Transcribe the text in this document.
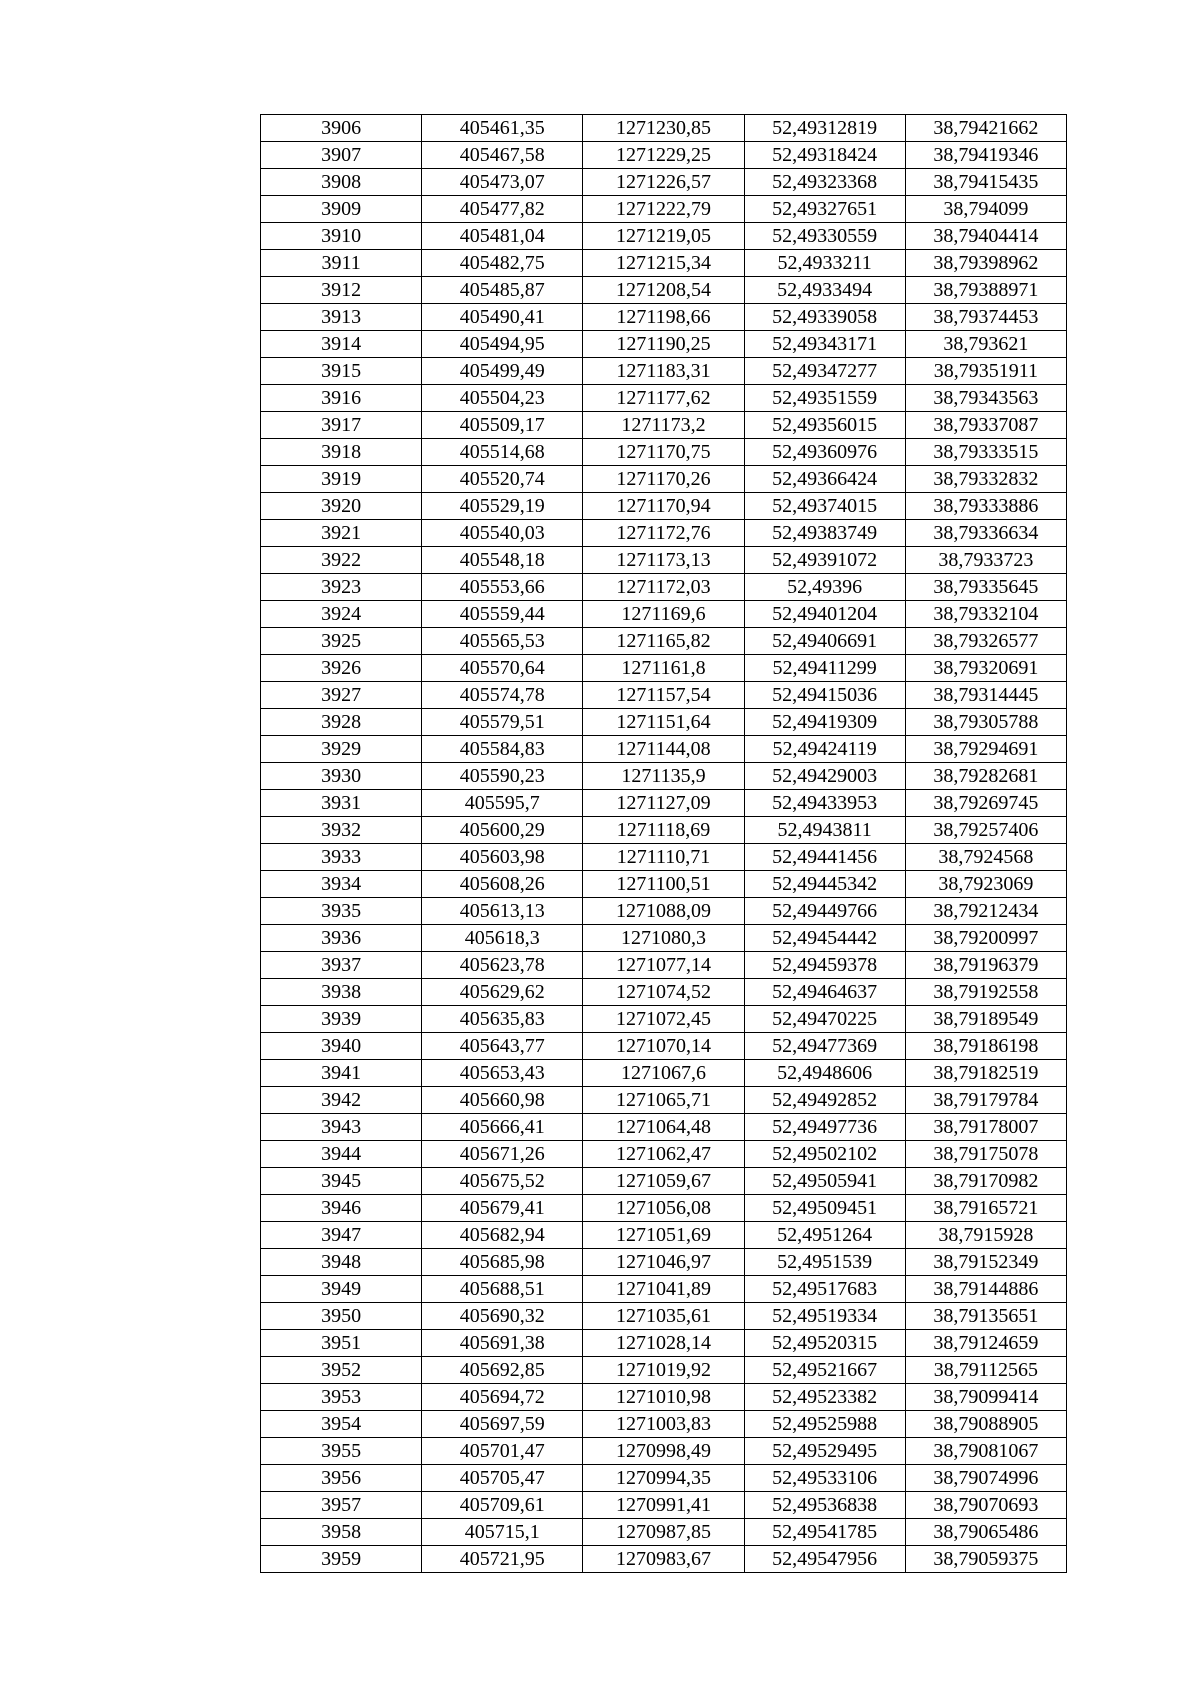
3906	405461,35	1271230,85	52,49312819	38,79421662
3907	405467,58	1271229,25	52,49318424	38,79419346
3908	405473,07	1271226,57	52,49323368	38,79415435
3909	405477,82	1271222,79	52,49327651	38,794099
3910	405481,04	1271219,05	52,49330559	38,79404414
3911	405482,75	1271215,34	52,4933211	38,79398962
3912	405485,87	1271208,54	52,4933494	38,79388971
3913	405490,41	1271198,66	52,49339058	38,79374453
3914	405494,95	1271190,25	52,49343171	38,793621
3915	405499,49	1271183,31	52,49347277	38,79351911
3916	405504,23	1271177,62	52,49351559	38,79343563
3917	405509,17	1271173,2	52,49356015	38,79337087
3918	405514,68	1271170,75	52,49360976	38,79333515
3919	405520,74	1271170,26	52,49366424	38,79332832
3920	405529,19	1271170,94	52,49374015	38,79333886
3921	405540,03	1271172,76	52,49383749	38,79336634
3922	405548,18	1271173,13	52,49391072	38,7933723
3923	405553,66	1271172,03	52,49396	38,79335645
3924	405559,44	1271169,6	52,49401204	38,79332104
3925	405565,53	1271165,82	52,49406691	38,79326577
3926	405570,64	1271161,8	52,49411299	38,79320691
3927	405574,78	1271157,54	52,49415036	38,79314445
3928	405579,51	1271151,64	52,49419309	38,79305788
3929	405584,83	1271144,08	52,49424119	38,79294691
3930	405590,23	1271135,9	52,49429003	38,79282681
3931	405595,7	1271127,09	52,49433953	38,79269745
3932	405600,29	1271118,69	52,4943811	38,79257406
3933	405603,98	1271110,71	52,49441456	38,7924568
3934	405608,26	1271100,51	52,49445342	38,7923069
3935	405613,13	1271088,09	52,49449766	38,79212434
3936	405618,3	1271080,3	52,49454442	38,79200997
3937	405623,78	1271077,14	52,49459378	38,79196379
3938	405629,62	1271074,52	52,49464637	38,79192558
3939	405635,83	1271072,45	52,49470225	38,79189549
3940	405643,77	1271070,14	52,49477369	38,79186198
3941	405653,43	1271067,6	52,4948606	38,79182519
3942	405660,98	1271065,71	52,49492852	38,79179784
3943	405666,41	1271064,48	52,49497736	38,79178007
3944	405671,26	1271062,47	52,49502102	38,79175078
3945	405675,52	1271059,67	52,49505941	38,79170982
3946	405679,41	1271056,08	52,49509451	38,79165721
3947	405682,94	1271051,69	52,4951264	38,7915928
3948	405685,98	1271046,97	52,4951539	38,79152349
3949	405688,51	1271041,89	52,49517683	38,79144886
3950	405690,32	1271035,61	52,49519334	38,79135651
3951	405691,38	1271028,14	52,49520315	38,79124659
3952	405692,85	1271019,92	52,49521667	38,79112565
3953	405694,72	1271010,98	52,49523382	38,79099414
3954	405697,59	1271003,83	52,49525988	38,79088905
3955	405701,47	1270998,49	52,49529495	38,79081067
3956	405705,47	1270994,35	52,49533106	38,79074996
3957	405709,61	1270991,41	52,49536838	38,79070693
3958	405715,1	1270987,85	52,49541785	38,79065486
3959	405721,95	1270983,67	52,49547956	38,79059375
